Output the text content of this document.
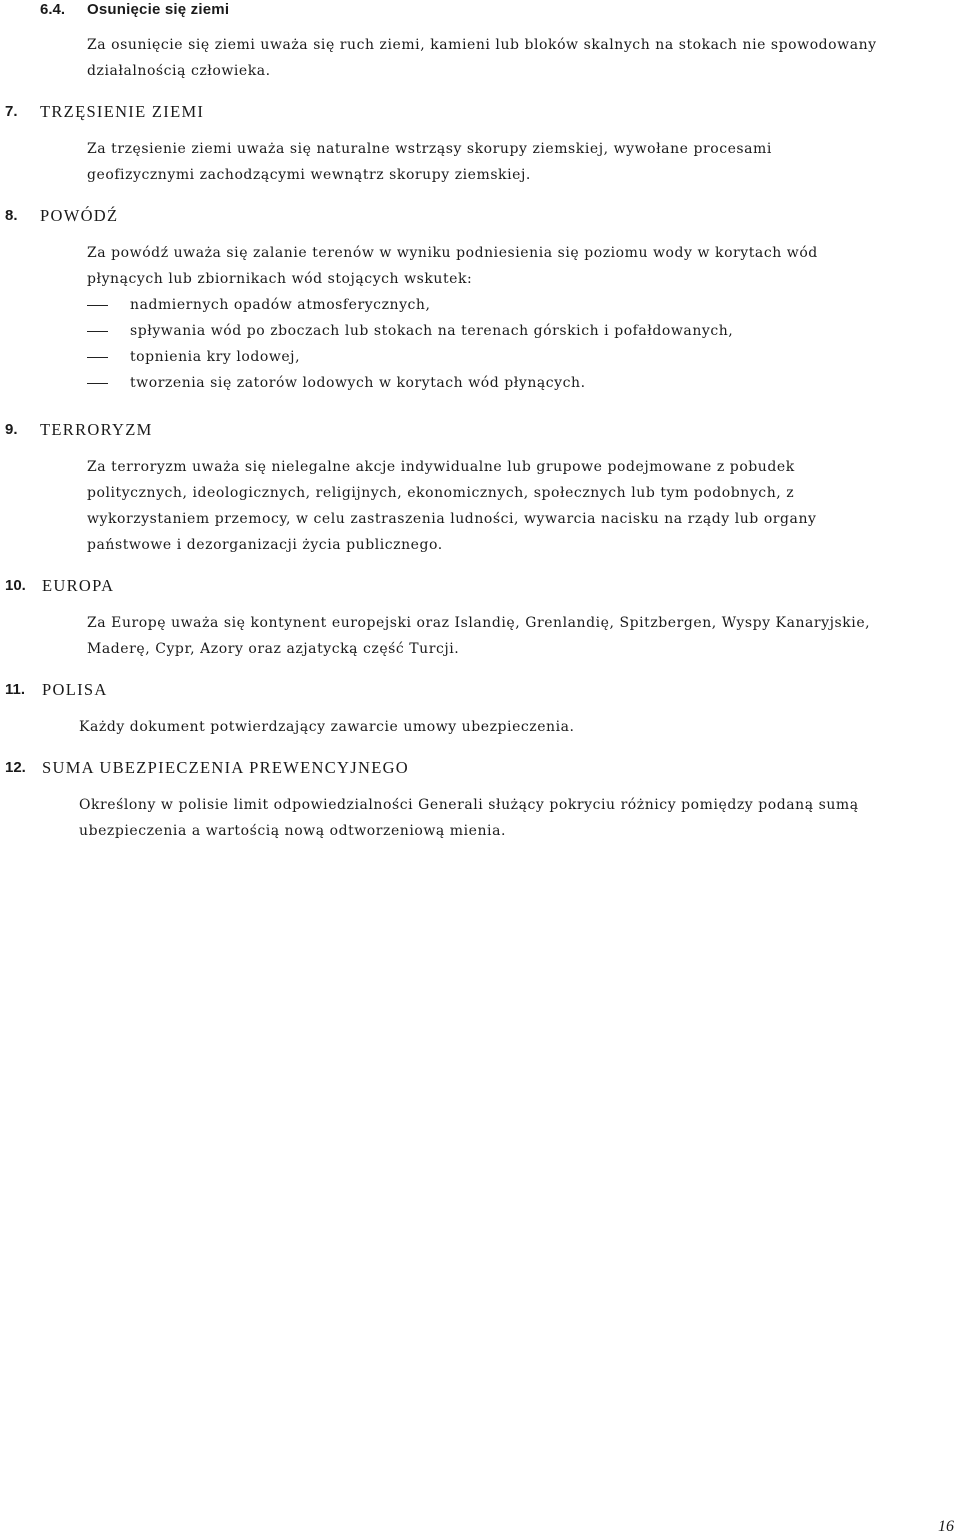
6.4. Osunięcie się ziemi
Za osunięcie się ziemi uważa się ruch ziemi, kamieni lub bloków skalnych na stokach nie spowodowany
działalnością człowieka.
7. TRZĘSIENIE ZIEMI
Za trzęsienie ziemi uważa się naturalne wstrząsy skorupy ziemskiej, wywołane procesami
geofizycznymi zachodzącymi wewnątrz skorupy ziemskiej.
8. POWÓDŹ
Za powódź uważa się zalanie terenów w wyniku podniesienia się poziomu wody w korytach wód
płynących lub zbiornikach wód stojących wskutek:
nadmiernych opadów atmosferycznych,
spływania wód po zboczach lub stokach na terenach górskich i pofałdowanych,
topnienia kry lodowej,
tworzenia się zatorów lodowych w korytach wód płynących.
9. TERRORYZM
Za terroryzm uważa się nielegalne akcje indywidualne lub grupowe podejmowane z pobudek
politycznych, ideologicznych, religijnych, ekonomicznych, społecznych lub tym podobnych, z
wykorzystaniem przemocy, w celu zastraszenia ludności, wywarcia nacisku na rządy lub organy
państwowe i dezorganizacji życia publicznego.
10. EUROPA
Za Europę uważa się kontynent europejski oraz Islandię, Grenlandię, Spitzbergen, Wyspy Kanaryjskie,
Maderę, Cypr, Azory oraz azjatycką część Turcji.
11. POLISA
Każdy dokument potwierdzający zawarcie umowy ubezpieczenia.
12. SUMA UBEZPIECZENIA PREWENCYJNEGO
Określony w polisie limit odpowiedzialności Generali służący pokryciu różnicy pomiędzy podaną sumą
ubezpieczenia a wartością nową odtworzeniową mienia.
16
